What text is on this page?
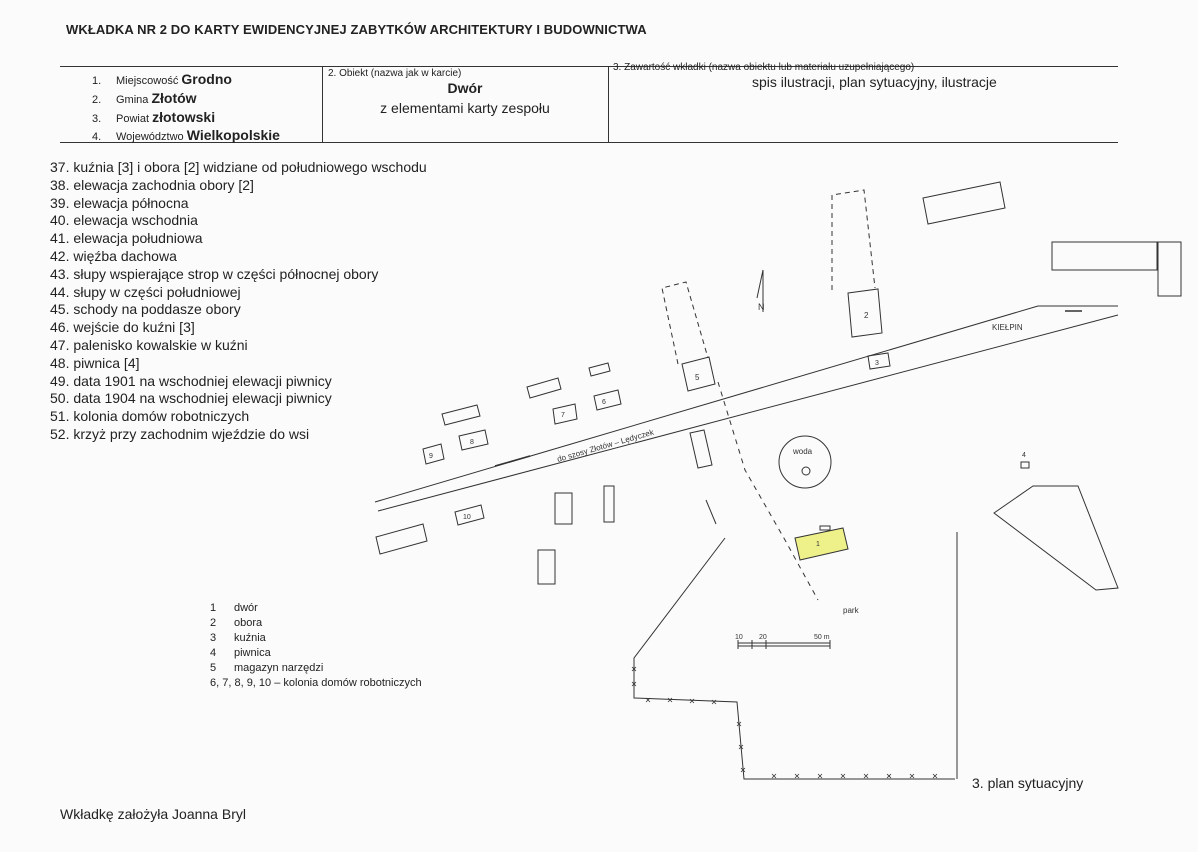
WKŁADKA NR 2 DO KARTY EWIDENCYJNEJ ZABYTKÓW ARCHITEKTURY I BUDOWNICTWA
1. Miejscowość Grodno
2. Gmina Złotów
3. Powiat złotowski
4. Województwo Wielkopolskie
2. Obiekt (nazwa jak w karcie)
Dwór
z elementami karty zespołu
3. Zawartość wkładki (nazwa obiektu lub materiału uzupełniającego)
spis ilustracji, plan sytuacyjny, ilustracje
37. kuźnia [3] i obora [2] widziane od południowego wschodu
38. elewacja zachodnia obory [2]
39. elewacja północna
40. elewacja wschodnia
41. elewacja południowa
42. więźba dachowa
43. słupy wspierające strop w części północnej obory
44. słupy w części południowej
45. schody na poddasze obory
46. wejście do kuźni [3]
47. palenisko kowalskie w kuźni
48. piwnica [4]
49. data 1901 na wschodniej elewacji piwnicy
50. data 1904 na wschodniej elewacji piwnicy
51. kolonia domów robotniczych
52. krzyż przy zachodnim wjeździe do wsi	do szosy Złotów – Lędyczek
KIEŁPIN
N
2
3
5
7
6
8
9
10
woda
1
park
4
10 20	50 m
1 dwór
2 obora
3 kuźnia
4 piwnica
5 magazyn narzędzi
6, 7, 8, 9, 10 – kolonia domów robotniczych
3. plan sytuacyjny
Wkładkę założyła Joanna Bryl
